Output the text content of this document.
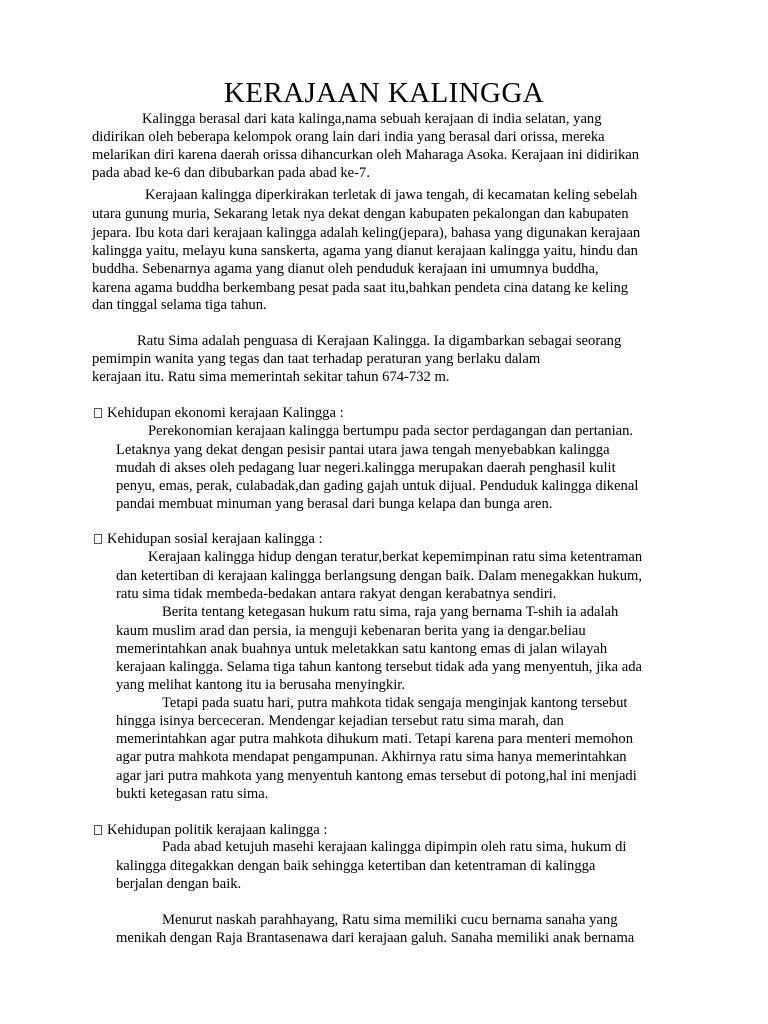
KERAJAAN KALINGGA
Kalingga berasal dari kata kalinga,nama sebuah kerajaan di india selatan, yang
didirikan oleh beberapa kelompok orang lain dari india yang berasal dari orissa, mereka
melarikan diri karena daerah orissa dihancurkan oleh Maharaga Asoka. Kerajaan ini didirikan
pada abad ke-6 dan dibubarkan pada abad ke-7.
Kerajaan kalingga diperkirakan terletak di jawa tengah, di kecamatan keling sebelah
utara gunung muria, Sekarang letak nya dekat dengan kabupaten pekalongan dan kabupaten
jepara. Ibu kota dari kerajaan kalingga adalah keling(jepara), bahasa yang digunakan kerajaan
kalingga yaitu, melayu kuna sanskerta, agama yang dianut kerajaan kalingga yaitu, hindu dan
buddha. Sebenarnya agama yang dianut oleh penduduk kerajaan ini umumnya buddha,
karena agama buddha berkembang pesat pada saat itu,bahkan pendeta cina datang ke keling
dan tinggal selama tiga tahun.
Ratu Sima adalah penguasa di Kerajaan Kalingga. Ia digambarkan sebagai seorang
pemimpin wanita yang tegas dan taat terhadap peraturan yang berlaku dalam
kerajaan itu. Ratu sima memerintah sekitar tahun 674-732 m.
Kehidupan ekonomi kerajaan Kalingga :
Perekonomian kerajaan kalingga bertumpu pada sector perdagangan dan pertanian.
Letaknya yang dekat dengan pesisir pantai utara jawa tengah menyebabkan kalingga
mudah di akses oleh pedagang luar negeri.kalingga merupakan daerah penghasil kulit
penyu, emas, perak, culabadak,dan gading gajah untuk dijual. Penduduk kalingga dikenal
pandai membuat minuman yang berasal dari bunga kelapa dan bunga aren.
Kehidupan sosial kerajaan kalingga :
Kerajaan kalingga hidup dengan teratur,berkat kepemimpinan ratu sima ketentraman
dan ketertiban di kerajaan kalingga berlangsung dengan baik. Dalam menegakkan hukum,
ratu sima tidak membeda-bedakan antara rakyat dengan kerabatnya sendiri.
Berita tentang ketegasan hukum ratu sima, raja yang bernama T-shih ia adalah
kaum muslim arad dan persia, ia menguji kebenaran berita yang ia dengar.beliau
memerintahkan anak buahnya untuk meletakkan satu kantong emas di jalan wilayah
kerajaan kalingga. Selama tiga tahun kantong tersebut tidak ada yang menyentuh, jika ada
yang melihat kantong itu ia berusaha menyingkir.
Tetapi pada suatu hari, putra mahkota tidak sengaja menginjak kantong tersebut
hingga isinya berceceran. Mendengar kejadian tersebut ratu sima marah, dan
memerintahkan agar putra mahkota dihukum mati. Tetapi karena para menteri memohon
agar putra mahkota mendapat pengampunan. Akhirnya ratu sima hanya memerintahkan
agar jari putra mahkota yang menyentuh kantong emas tersebut di potong,hal ini menjadi
bukti ketegasan ratu sima.
Kehidupan politik kerajaan kalingga :
Pada abad ketujuh masehi kerajaan kalingga dipimpin oleh ratu sima, hukum di
kalingga ditegakkan dengan baik sehingga ketertiban dan ketentraman di kalingga
berjalan dengan baik.
Menurut naskah parahhayang, Ratu sima memiliki cucu bernama sanaha yang
menikah dengan Raja Brantasenawa dari kerajaan galuh. Sanaha memiliki anak bernama
